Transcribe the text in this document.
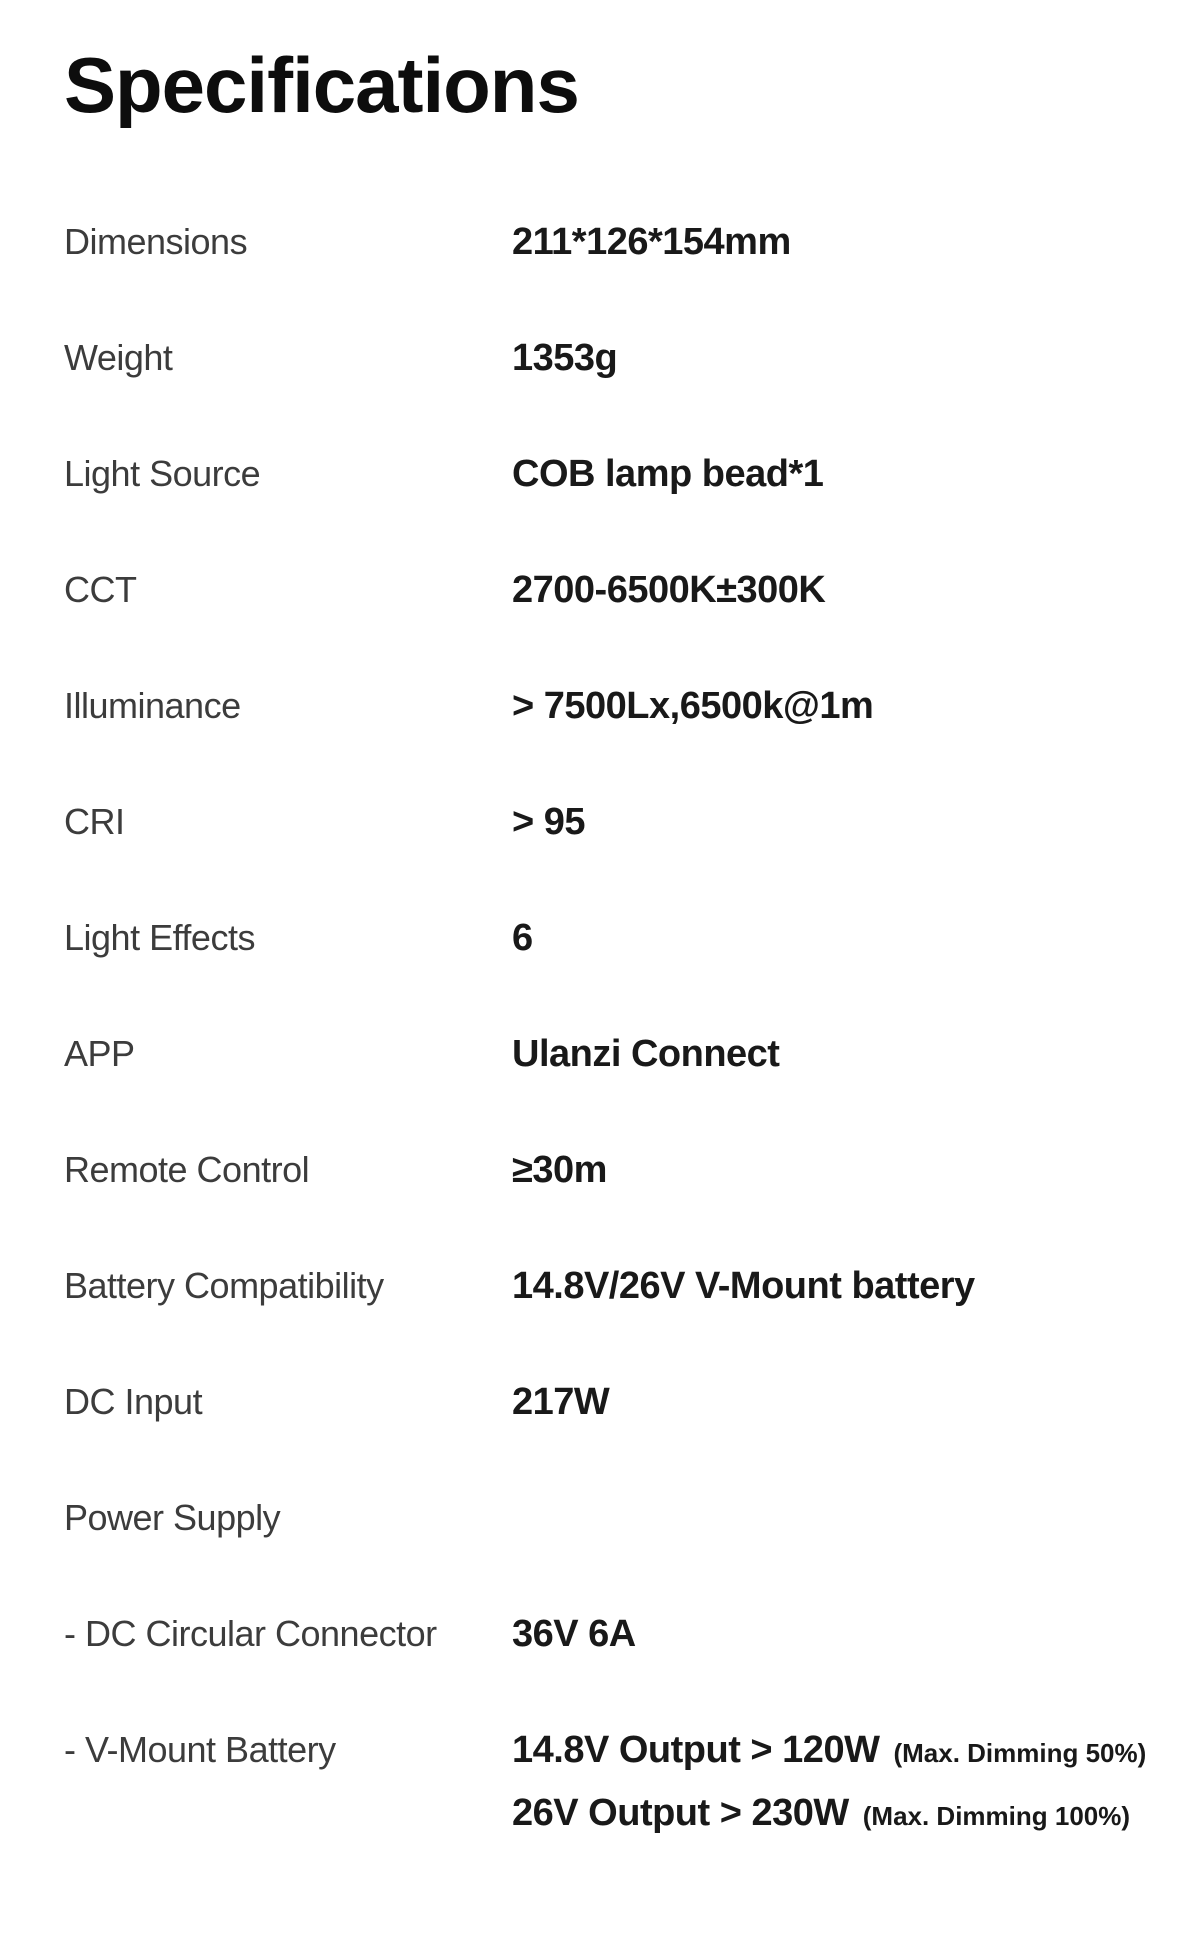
Specifications
Dimensions	211*126*154mm
Weight	1353g
Light Source	COB lamp bead*1
CCT	2700-6500K±300K
Illuminance	> 7500Lx,6500k@1m
CRI	> 95
Light Effects	6
APP	Ulanzi Connect
Remote Control	≥30m
Battery Compatibility	14.8V/26V V-Mount battery
DC Input	217W
Power Supply
- DC Circular Connector	36V 6A
- V-Mount Battery	14.8V Output > 120W (Max. Dimming 50%)
26V Output > 230W (Max. Dimming 100%)
